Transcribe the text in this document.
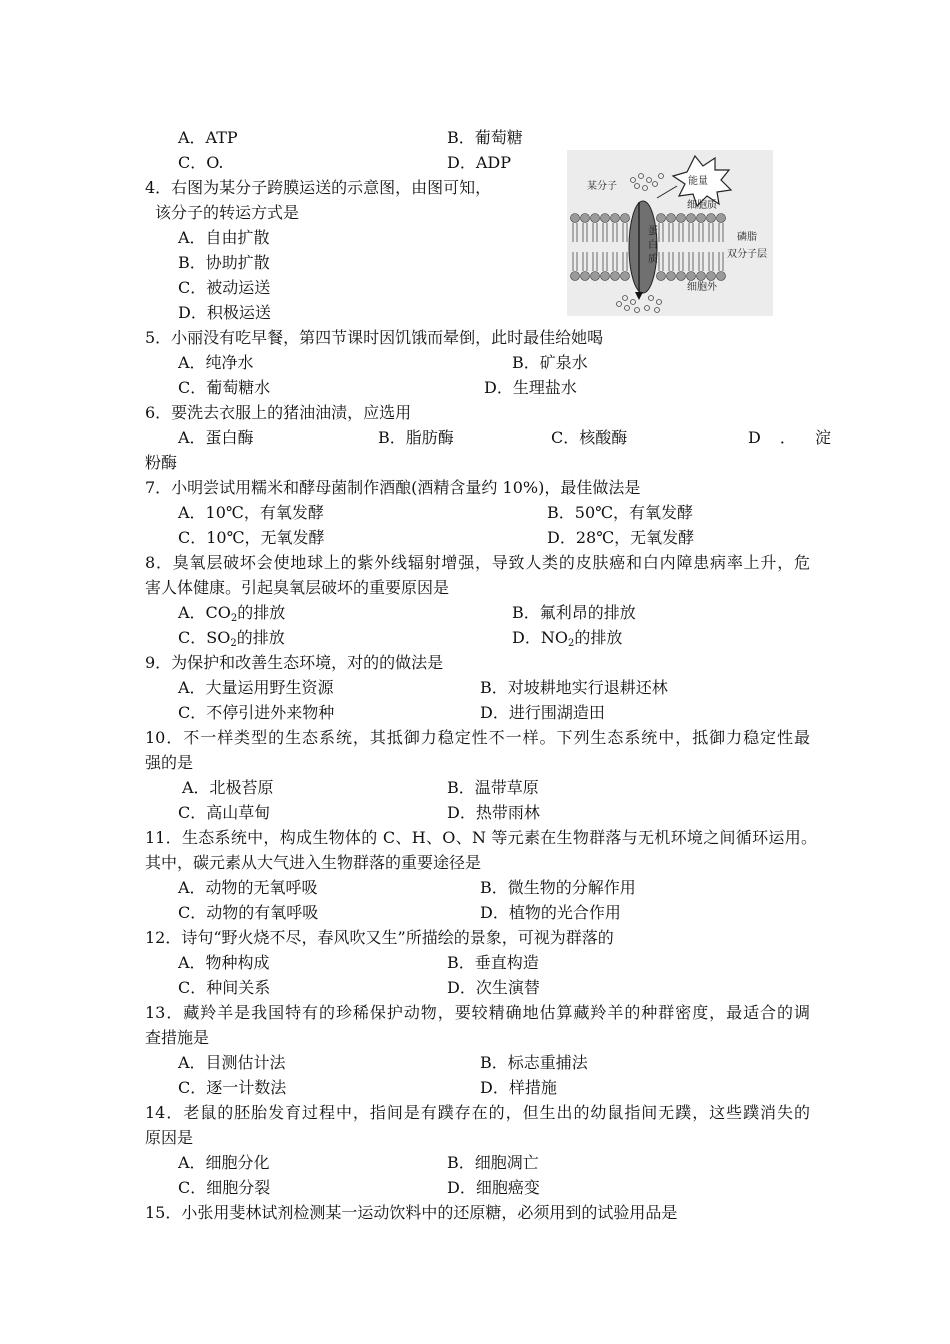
A．ATP	B．葡萄糖
C．O.	D．ADP
4．右图为某分子跨膜运送的示意图，由图可知，
该分子的转运方式是
A．自由扩散
B．协助扩散
C．被动运送
D．积极运送
能量
某分子
细胞质
蛋
白
质
磷脂
双分子层
细胞外
5．小丽没有吃早餐，第四节课时因饥饿而晕倒，此时最佳给她喝
A．纯净水	B．矿泉水
C．葡萄糖水	D．生理盐水
6．要洗去衣服上的猪油油渍，应选用
A．蛋白酶	B．脂肪酶	C．核酸酶	D ． 淀
粉酶
7．小明尝试用糯米和酵母菌制作酒酿(酒精含量约 10%)，最佳做法是
A．10℃，有氧发酵	B．50℃，有氧发酵
C．10℃，无氧发酵	D．28℃，无氧发酵
8．臭氧层破坏会使地球上的紫外线辐射增强，导致人类的皮肤癌和白内障患病率上升，危
害人体健康。引起臭氧层破坏的重要原因是
A．$CO_2$的排放	B．氟利昂的排放
C．$SO_2$的排放	D．$NO_2$的排放
9．为保护和改善生态环境，对的的做法是
A．大量运用野生资源	B．对坡耕地实行退耕还林
C．不停引进外来物种	D．进行围湖造田
10．不一样类型的生态系统，其抵御力稳定性不一样。下列生态系统中，抵御力稳定性最
强的是
A．北极苔原	B．温带草原
C．高山草甸	D．热带雨林
11．生态系统中，构成生物体的 C、H、O、N 等元素在生物群落与无机环境之间循环运用。
其中，碳元素从大气进入生物群落的重要途径是
A．动物的无氧呼吸	B．微生物的分解作用
C．动物的有氧呼吸	D．植物的光合作用
12．诗句“野火烧不尽，春风吹又生”所描绘的景象，可视为群落的
A．物种构成	B．垂直构造
C．种间关系	D．次生演替
13．藏羚羊是我国特有的珍稀保护动物，要较精确地估算藏羚羊的种群密度，最适合的调
查措施是
A．目测估计法	B．标志重捕法
C．逐一计数法	D．样措施
14．老鼠的胚胎发育过程中，指间是有蹼存在的，但生出的幼鼠指间无蹼，这些蹼消失的
原因是
A．细胞分化	B．细胞凋亡
C．细胞分裂	D．细胞癌变
15．小张用斐林试剂检测某一运动饮料中的还原糖，必须用到的试验用品是
